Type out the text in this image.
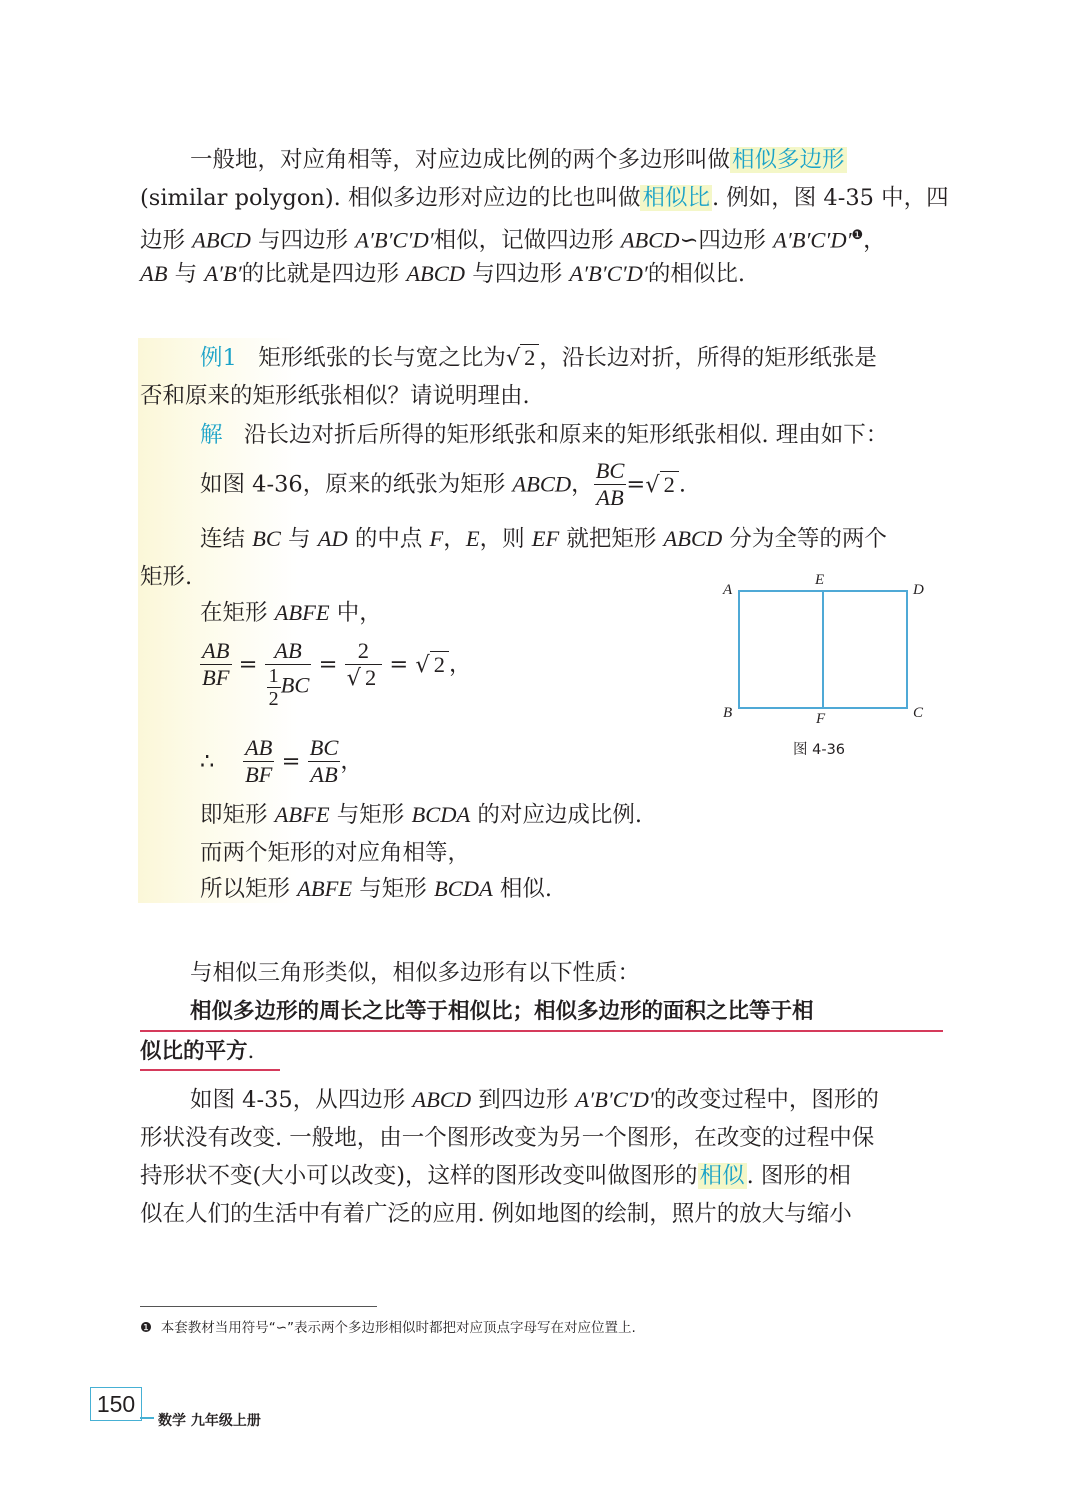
一般地，对应角相等，对应边成比例的两个多边形叫做相似多边形
(similar polygon). 相似多边形对应边的比也叫做相似比. 例如，图 4-35 中，四
边形 ABCD 与四边形 A′B′C′D′相似，记做四边形 ABCD∽四边形 $A'B'C'D'^❶$，
AB 与 A′B′的比就是四边形 ABCD 与四边形 A′B′C′D′的相似比.
例1 矩形纸张的长与宽之比为√ 2 ，沿长边对折，所得的矩形纸张是
否和原来的矩形纸张相似？请说明理由.
解 沿长边对折后所得的矩形纸张和原来的矩形纸张相似. 理由如下：
如图 4-36，原来的纸张为矩形 ABCD， $\frac{BC}{AB}$ =√ 2 .
连结 BC 与 AD 的中点 F，E，则 EF 就把矩形 ABCD 分为全等的两个
矩形.
在矩形 ABFE 中，
$\frac{AB}{BF} = \frac{AB}{\frac{1}{2} BC} = \frac{2}{√ 2}$ = √ 2 ，
∴ $\frac{AB}{BF} = \frac{BC}{AB}$ ，
即矩形 ABFE 与矩形 BCDA 的对应边成比例.
而两个矩形的对应角相等，
所以矩形 ABFE 与矩形 BCDA 相似.
A
E
D
B	F	C
图 4-36
与相似三角形类似，相似多边形有以下性质：
相似多边形的周长之比等于相似比；相似多边形的面积之比等于相
似比的平方.
如图 4-35，从四边形 ABCD 到四边形 A′B′C′D′的改变过程中，图形的
形状没有改变. 一般地，由一个图形改变为另一个图形，在改变的过程中保
持形状不变(大小可以改变)，这样的图形改变叫做图形的相似. 图形的相
似在人们的生活中有着广泛的应用. 例如地图的绘制，照片的放大与缩小
❶ 本套教材当用符号“∽”表示两个多边形相似时都把对应顶点字母写在对应位置上.
150
数学 九年级上册
